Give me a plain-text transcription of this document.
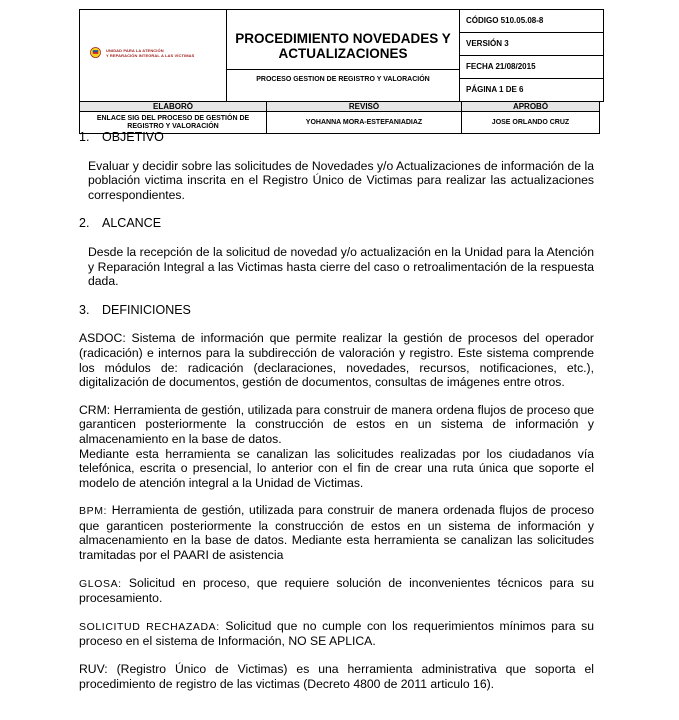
UNIDAD PARA LA ATENCIÓN
Y REPARACIÓN INTEGRAL A LAS VÍCTIMAS

PROCEDIMIENTO NOVEDADES Y ACTUALIZACIONES
PROCESO GESTION DE REGISTRO Y VALORACIÓN

CÓDIGO 510.05.08-8
VERSIÓN 3
FECHA 21/08/2015
PÁGINA 1 DE 6

ELABORÓ	REVISÓ	APROBÓ
ENLACE SIG DEL PROCESO DE GESTIÓN DE REGISTRO Y VALORACIÓN	YOHANNA MORA-ESTEFANIADIAZ	JOSE ORLANDO CRUZ
1. OBJETIVO

Evaluar y decidir sobre las solicitudes de Novedades y/o Actualizaciones de información de la población victima inscrita en el Registro Único de Victimas para realizar las actualizaciones correspondientes.

2. ALCANCE

Desde la recepción de la solicitud de novedad y/o actualización en la Unidad para la Atención y Reparación Integral a las Victimas hasta cierre del caso o retroalimentación de la respuesta dada.

3. DEFINICIONES

ASDOC: Sistema de información que permite realizar la gestión de procesos del operador (radicación) e internos para la subdirección de valoración y registro. Este sistema comprende los módulos de: radicación (declaraciones, novedades, recursos, notificaciones, etc.), digitalización de documentos, gestión de documentos, consultas de imágenes entre otros.

CRM: Herramienta de gestión, utilizada para construir de manera ordena flujos de proceso que garanticen posteriormente la construcción de estos en un sistema de información y almacenamiento en la base de datos.

Mediante esta herramienta se canalizan las solicitudes realizadas por los ciudadanos vía telefónica, escrita o presencial, lo anterior con el fin de crear una ruta única que soporte el modelo de atención integral a la Unidad de Victimas.

BPM: Herramienta de gestión, utilizada para construir de manera ordenada flujos de proceso que garanticen posteriormente la construcción de estos en un sistema de información y almacenamiento en la base de datos. Mediante esta herramienta se canalizan las solicitudes tramitadas por el PAARI de asistencia

GLOSA: Solicitud en proceso, que requiere solución de inconvenientes técnicos para su procesamiento.

SOLICITUD RECHAZADA: Solicitud que no cumple con los requerimientos mínimos para su proceso en el sistema de Información, NO SE APLICA.

RUV: (Registro Único de Victimas) es una herramienta administrativa que soporta el procedimiento de registro de las victimas (Decreto 4800 de 2011 articulo 16).
